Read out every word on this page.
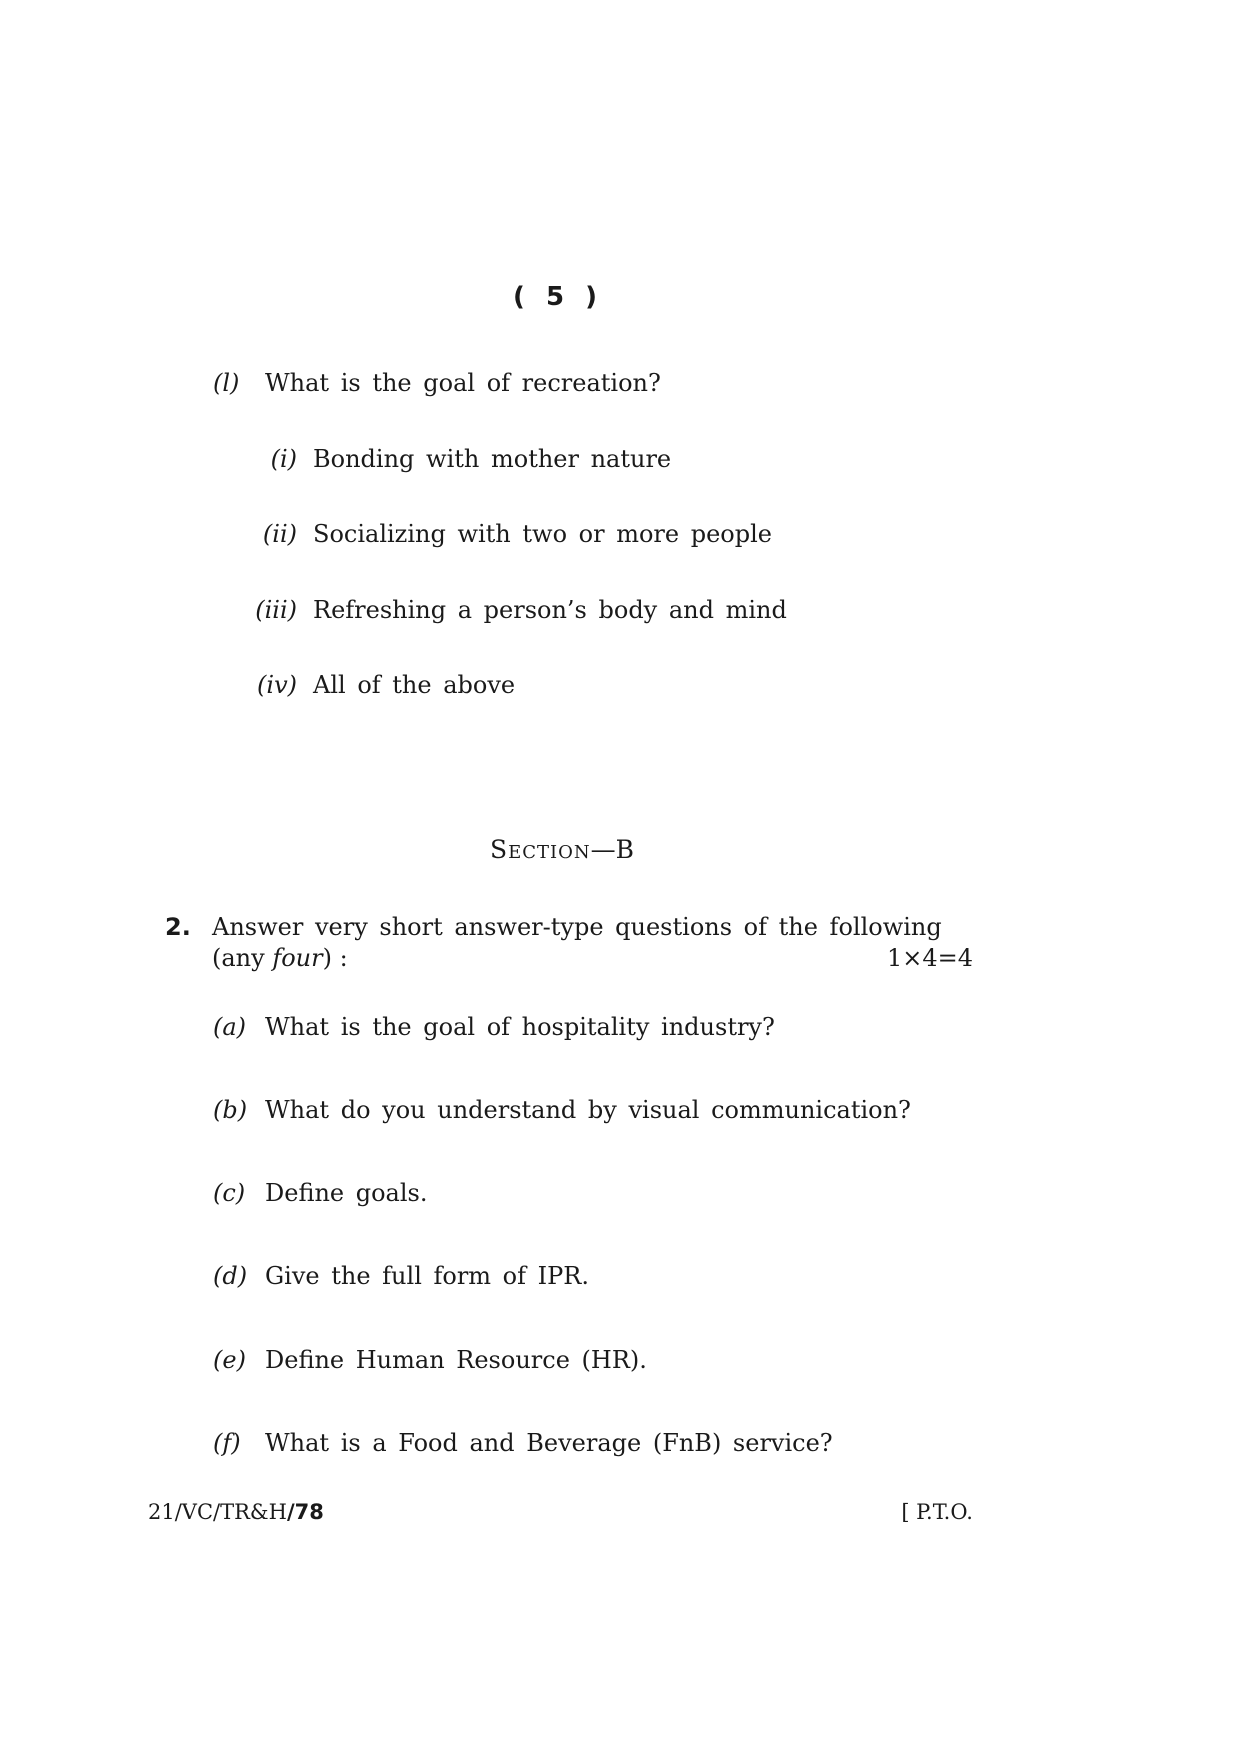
( 5 )
(l) What is the goal of recreation?
(i) Bonding with mother nature
(ii) Socializing with two or more people
(iii) Refreshing a person’s body and mind
(iv) All of the above
Section—B
2. Answer very short answer-type questions of the following
(any four) :	1×4=4
(a) What is the goal of hospitality industry?
(b) What do you understand by visual communication?
(c) Define goals.
(d) Give the full form of IPR.
(e) Define Human Resource (HR).
(f) What is a Food and Beverage (FnB) service?
21/VC/TR&H/78	[ P.T.O.
